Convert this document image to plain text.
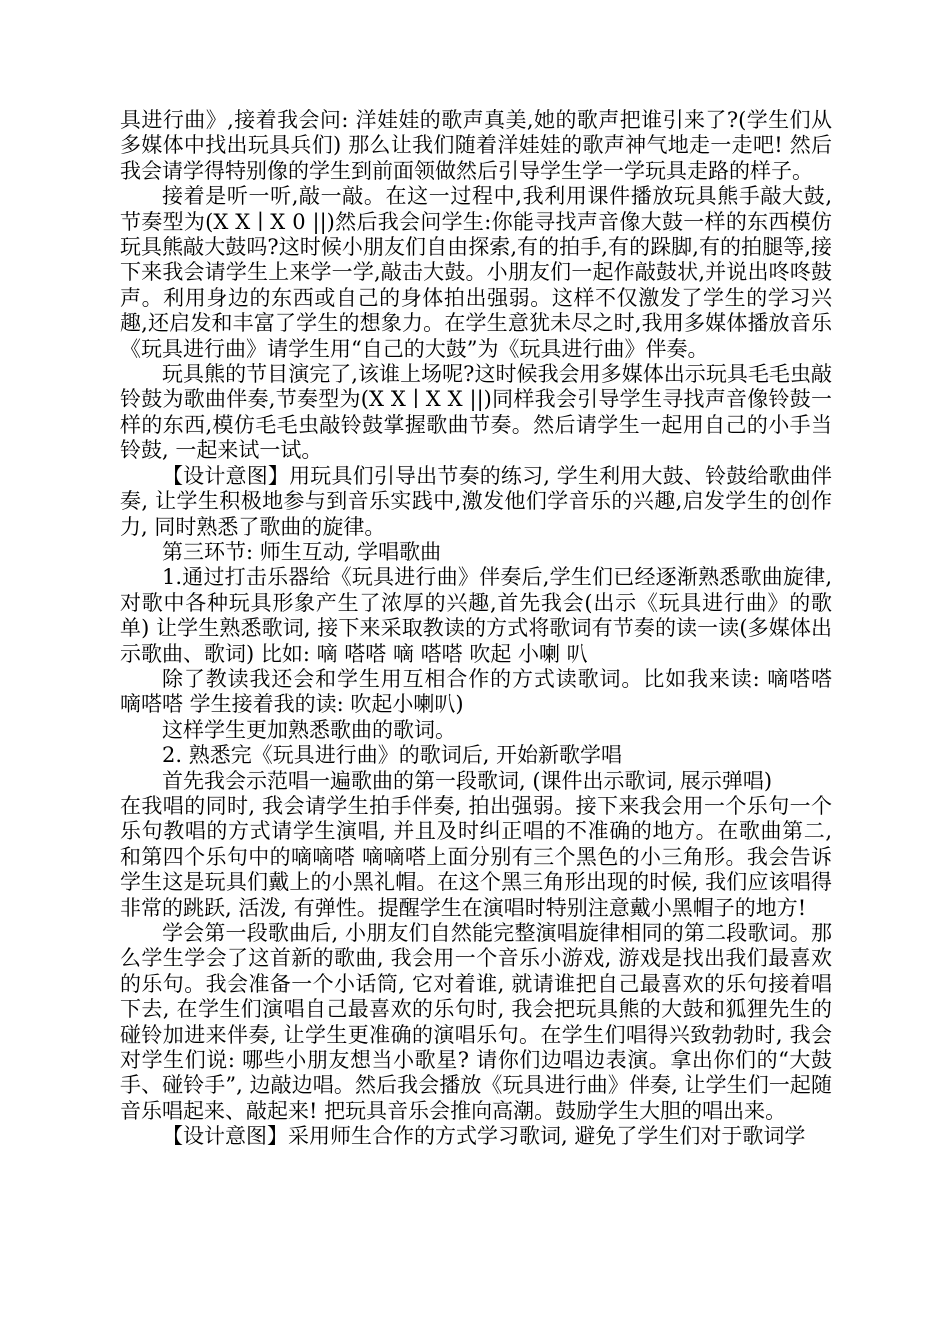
具进行曲》,接着我会问: 洋娃娃的歌声真美,她的歌声把谁引来了?(学生们从多媒体中找出玩具兵们) 那么让我们随着洋娃娃的歌声神气地走一走吧! 然后我会请学得特别像的学生到前面领做然后引导学生学一学玩具走路的样子。

接着是听一听,敲一敲。在这一过程中,我利用课件播放玩具熊手敲大鼓,节奏型为(X X ∣ X 0 ||)然后我会问学生:你能寻找声音像大鼓一样的东西模仿玩具熊敲大鼓吗?这时候小朋友们自由探索,有的拍手,有的跺脚,有的拍腿等,接下来我会请学生上来学一学,敲击大鼓。小朋友们一起作敲鼓状,并说出咚咚鼓声。利用身边的东西或自己的身体拍出强弱。这样不仅激发了学生的学习兴趣,还启发和丰富了学生的想象力。在学生意犹未尽之时,我用多媒体播放音乐《玩具进行曲》请学生用“自己的大鼓”为《玩具进行曲》伴奏。

玩具熊的节目演完了,该谁上场呢?这时候我会用多媒体出示玩具毛毛虫敲铃鼓为歌曲伴奏,节奏型为(X X ∣ X X ||)同样我会引导学生寻找声音像铃鼓一样的东西,模仿毛毛虫敲铃鼓掌握歌曲节奏。然后请学生一起用自己的小手当铃鼓, 一起来试一试。

【设计意图】用玩具们引导出节奏的练习, 学生利用大鼓、铃鼓给歌曲伴奏, 让学生积极地参与到音乐实践中,激发他们学音乐的兴趣,启发学生的创作力, 同时熟悉了歌曲的旋律。

第三环节: 师生互动, 学唱歌曲

1.通过打击乐器给《玩具进行曲》伴奏后,学生们已经逐渐熟悉歌曲旋律,对歌中各种玩具形象产生了浓厚的兴趣,首先我会(出示《玩具进行曲》的歌单) 让学生熟悉歌词, 接下来采取教读的方式将歌词有节奏的读一读(多媒体出示歌曲、歌词) 比如: 嘀 嗒嗒 嘀 嗒嗒 吹起 小喇 叭

除了教读我还会和学生用互相合作的方式读歌词。比如我来读: 嘀嗒嗒 嘀嗒嗒 学生接着我的读: 吹起小喇叭)

这样学生更加熟悉歌曲的歌词。

2. 熟悉完《玩具进行曲》的歌词后, 开始新歌学唱

首先我会示范唱一遍歌曲的第一段歌词, (课件出示歌词, 展示弹唱)

在我唱的同时, 我会请学生拍手伴奏, 拍出强弱。接下来我会用一个乐句一个乐句教唱的方式请学生演唱, 并且及时纠正唱的不准确的地方。在歌曲第二, 和第四个乐句中的嘀嘀嗒 嘀嘀嗒上面分别有三个黑色的小三角形。我会告诉学生这是玩具们戴上的小黑礼帽。在这个黑三角形出现的时候, 我们应该唱得非常的跳跃, 活泼, 有弹性。提醒学生在演唱时特别注意戴小黑帽子的地方!

学会第一段歌曲后, 小朋友们自然能完整演唱旋律相同的第二段歌词。那么学生学会了这首新的歌曲, 我会用一个音乐小游戏, 游戏是找出我们最喜欢的乐句。我会准备一个小话筒, 它对着谁, 就请谁把自己最喜欢的乐句接着唱下去, 在学生们演唱自己最喜欢的乐句时, 我会把玩具熊的大鼓和狐狸先生的碰铃加进来伴奏, 让学生更准确的演唱乐句。在学生们唱得兴致勃勃时, 我会对学生们说: 哪些小朋友想当小歌星? 请你们边唱边表演。拿出你们的“大鼓手、碰铃手”, 边敲边唱。然后我会播放《玩具进行曲》伴奏, 让学生们一起随音乐唱起来、敲起来! 把玩具音乐会推向高潮。鼓励学生大胆的唱出来。

【设计意图】采用师生合作的方式学习歌词, 避免了学生们对于歌词学
